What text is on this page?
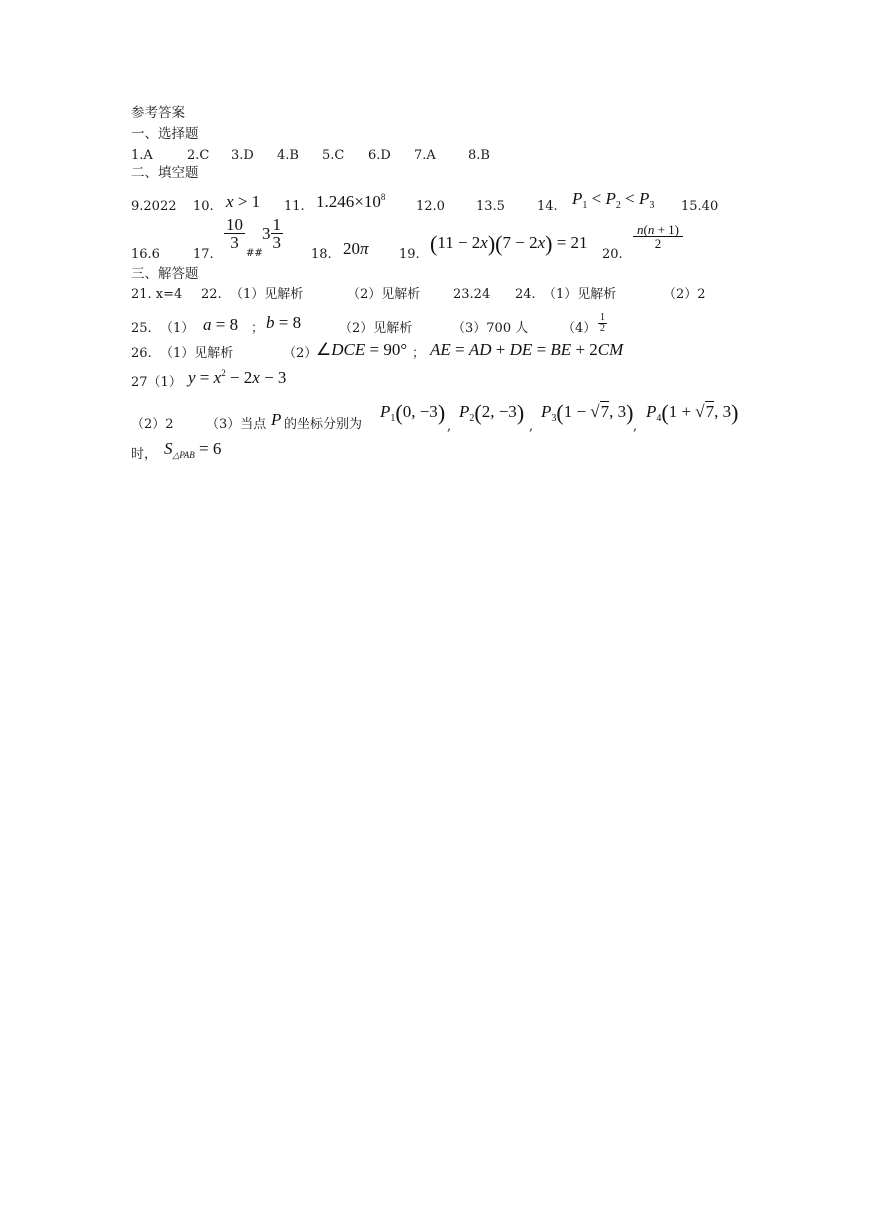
参考答案
一、选择题
1.A	2.C 3.D 4.B 5.C 6.D 7.A 8.B
二、填空题
9.2022 10. x > 1 11. $1.246\times 10^8$
12.0 13.5 14. $P_1 < P_2 < P_3$ 15.40
16.6	17.
$\frac{10}{3}$
##
$3 \frac{1}{3}$
18. 20π 19. (11 − 2x)(7 − 2x) = 21
20.
$\frac{n(n + 1)}{2}$
三、解答题
21. x=4 22. （1）见解析	（2）见解析	23.24 24. （1）见解析	（2）2
25. （1） a = 8 ； b = 8	（2）见解析	（3）700 人	$(4) \frac{1}{2}$
26. （1）见解析	（2）
∠DCE = 90° ； AE = AD + DE = BE + 2CM
27（1） $y = x^2 - 2x - 3$
（2）2 （3）当点 P 的坐标分别为
$P_1(0$, −3)
,
$P_2(2$, −3)
,
$P_3(1 - √7$, 3)
,
$P_4(1 + √7$, 3)
时， $S_{\triangle PAB} = 6$
